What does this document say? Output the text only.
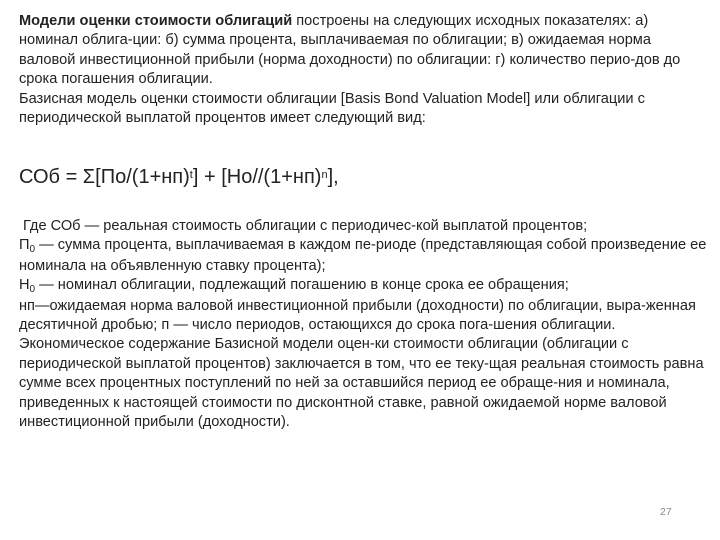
Модели оценки стоимости облигаций построены на следующих исходных показателях: а) номинал облига-ции: б) сумма процента, выплачиваемая по облигации; в) ожидаемая норма валовой инвестиционной прибыли (норма доходности) по облигации: г) количество перио-дов до срока погашения облигации.

Базисная модель оценки стоимости облигации [Basis Bond Valuation Model] или облигации с периодической выплатой процентов имеет следующий вид:

СОб = $\Sigma[По/(1+нп)^t] + [Но//(1+нп)^n]$,

Где СОб — реальная стоимость облигации с периодичес-кой выплатой процентов;

$П_0$ — сумма процента, выплачиваемая в каждом пе-риоде (представляющая собой произведение ее номинала на объявленную ставку процента);

$Н_0$ — номинал облигации, подлежащий погашению в конце срока ее обращения;

нп—ожидаемая норма валовой инвестиционной прибыли (доходности) по облигации, выра-женная десятичной дробью; п — число периодов, остающихся до срока пога-шения облигации.

Экономическое содержание Базисной модели оцен-ки стоимости облигации (облигации с периодической выплатой процентов) заключается в том, что ее теку-щая реальная стоимость равна сумме всех процентных поступлений по ней за оставшийся период ее обраще-ния и номинала, приведенных к настоящей стоимости по дисконтной ставке, равной ожидаемой норме валовой инвестиционной прибыли (доходности).

27
